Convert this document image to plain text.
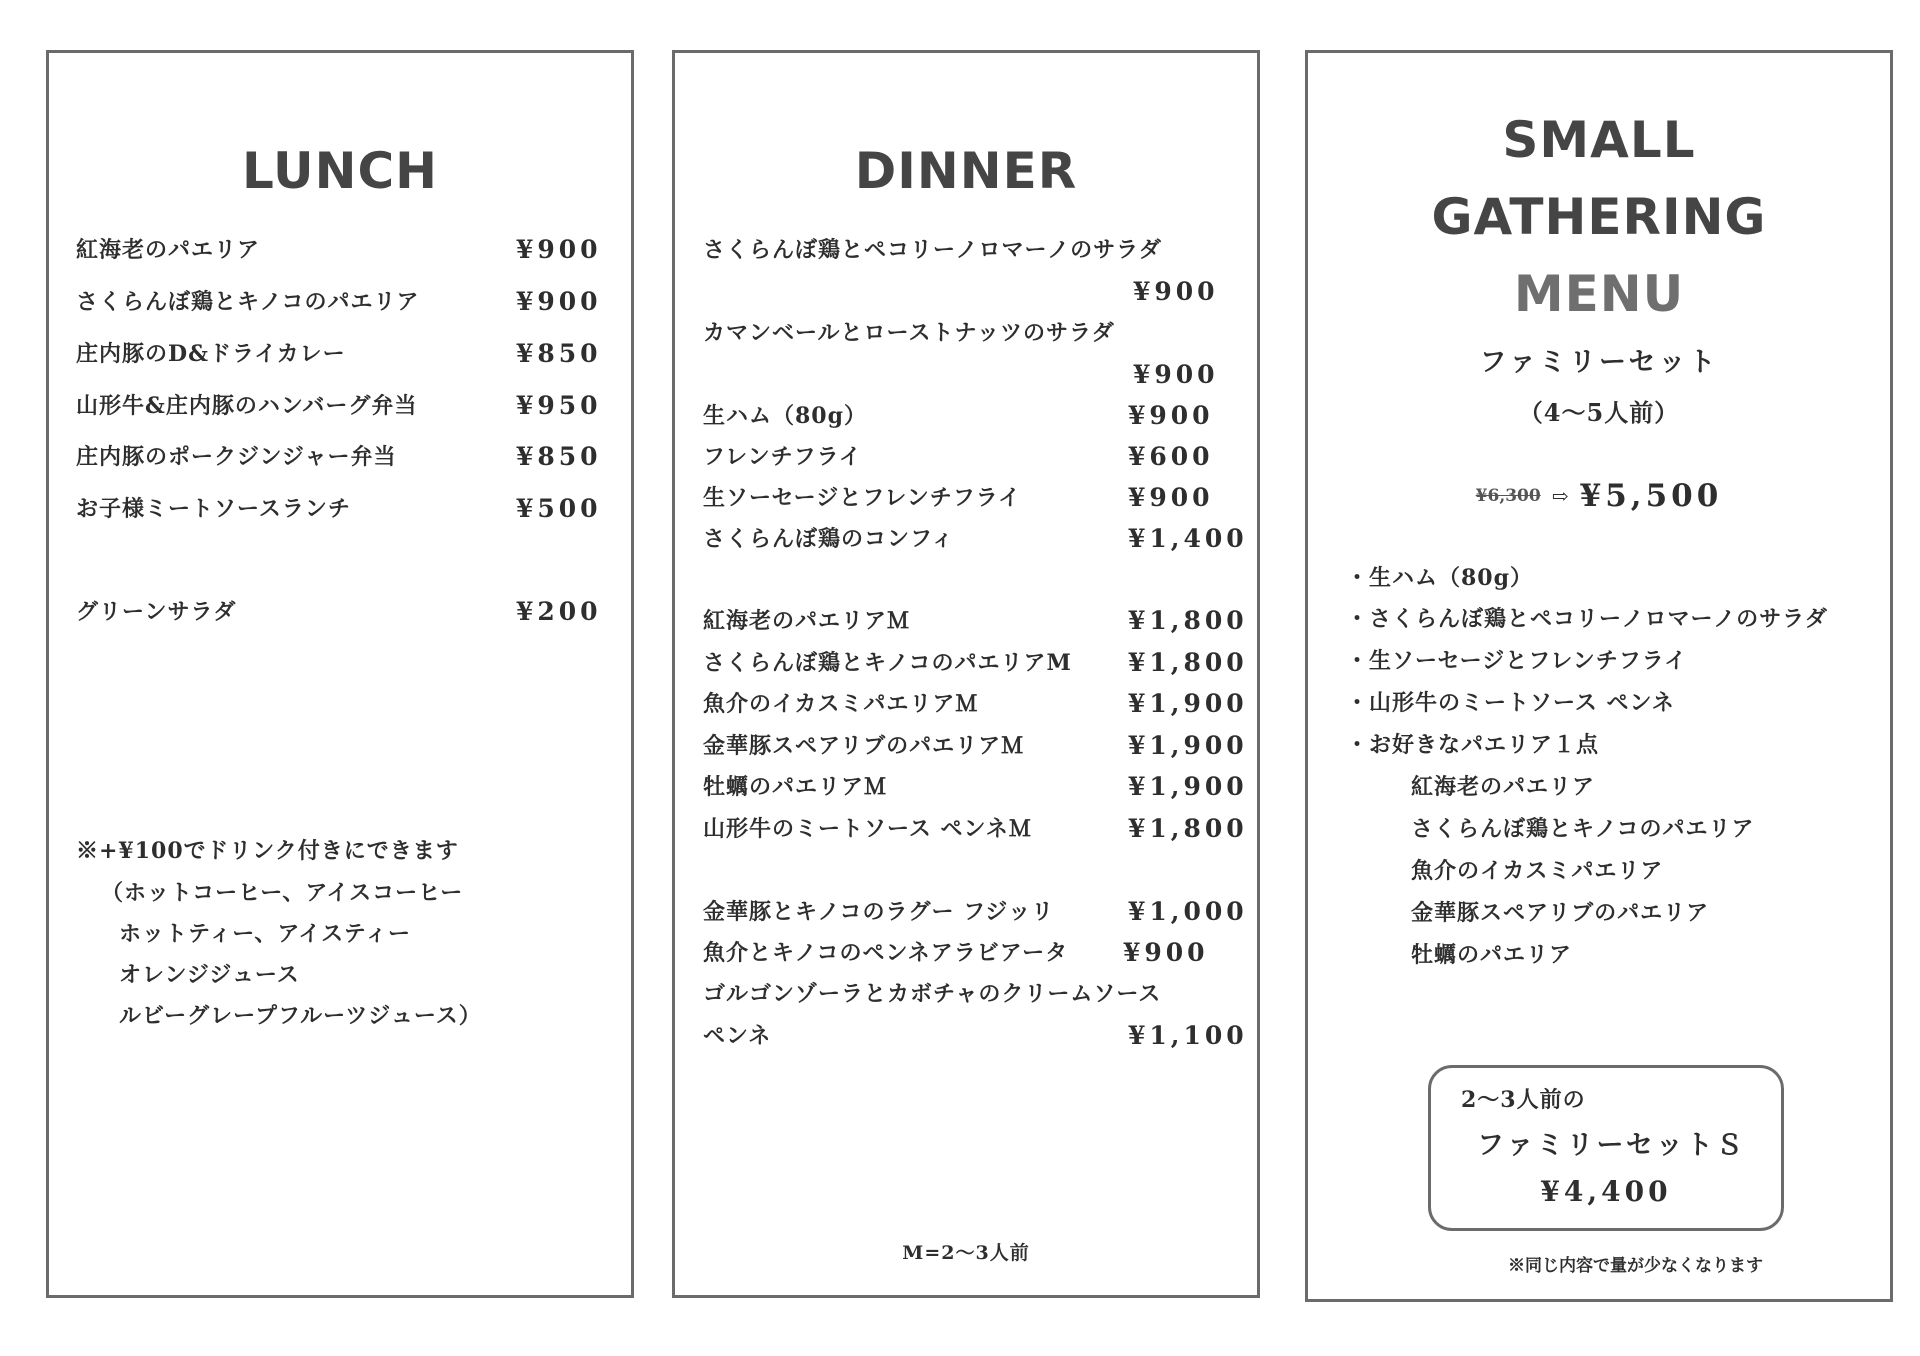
LUNCH
紅海老のパエリア	¥900
さくらんぼ鶏とキノコのパエリア	¥900
庄内豚のD&ドライカレー	¥850
山形牛&庄内豚のハンバーグ弁当	¥950
庄内豚のポークジンジャー弁当	¥850
お子様ミートソースランチ	¥500
グリーンサラダ	¥200
※+¥100でドリンク付きにできます
（ホットコーヒー、アイスコーヒー
ホットティー、アイスティー
オレンジジュース
ルビーグレープフルーツジュース）
DINNER
さくらんぼ鶏とペコリーノロマーノのサラダ
¥900
カマンベールとローストナッツのサラダ
¥900
生ハム（80g）	¥900
フレンチフライ	¥600
生ソーセージとフレンチフライ	¥900
さくらんぼ鶏のコンフィ	¥1,400
紅海老のパエリアＭ	¥1,800
さくらんぼ鶏とキノコのパエリアM ¥1,800
魚介のイカスミパエリアＭ	¥1,900
金華豚スペアリブのパエリアＭ	¥1,900
牡蠣のパエリアＭ	¥1,900
山形牛のミートソース ペンネＭ	¥1,800
金華豚とキノコのラグー フジッリ	¥1,000
魚介とキノコのペンネアラビアータ ¥900
ゴルゴンゾーラとカボチャのクリームソース
ペンネ	¥1,100
M=2〜3人前
SMALL
GATHERING
MENU
ファミリーセット
（4〜5人前）
¥6,300 ⇨ ¥5,500
・生ハム（80g）
・さくらんぼ鶏とペコリーノロマーノのサラダ
・生ソーセージとフレンチフライ
・山形牛のミートソース ペンネ
・お好きなパエリア１点
紅海老のパエリア
さくらんぼ鶏とキノコのパエリア
魚介のイカスミパエリア
金華豚スペアリブのパエリア
牡蠣のパエリア
2〜3人前の
ファミリーセットＳ
¥4,400
※同じ内容で量が少なくなります
